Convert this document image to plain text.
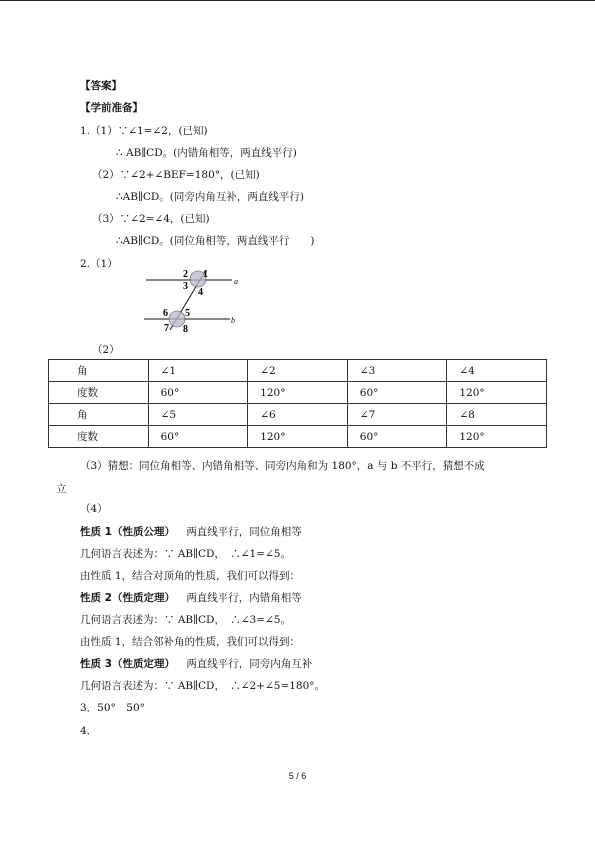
【答案】
【学前准备】
1.（1）∵∠1=∠2，(已知)
∴ AB∥CD。(内错角相等，两直线平行)
（2）∵∠2+∠BEF=180°，(已知)
∴AB∥CD。(同旁内角互补，两直线平行)
（3）∵∠2=∠4，(已知)
∴AB∥CD。(同位角相等，两直线平行　　)
2.（1）
2 1
3
4
6 5
7 8
a
b
（2）
角	∠1	∠2	∠3	∠4
度数	60°	120°	60°	120°
角	∠5	∠6	∠7	∠8
度数	60°	120°	60°	120°
（3）猜想：同位角相等、内错角相等、同旁内角和为 180°，a 与 b 不平行，猜想不成
立
（4）
性质 1（性质公理） 两直线平行，同位角相等
几何语言表述为：∵ AB∥CD，　∴∠1=∠5。
由性质 1，结合对顶角的性质，我们可以得到：
性质 2（性质定理） 两直线平行，内错角相等
几何语言表述为：∵ AB∥CD，　∴∠3=∠5。
由性质 1，结合邻补角的性质，我们可以得到：
性质 3（性质定理） 两直线平行，同旁内角互补
几何语言表述为：∵ AB∥CD，　∴∠2+∠5=180°。
3．50°　50°
4．
5 / 6
